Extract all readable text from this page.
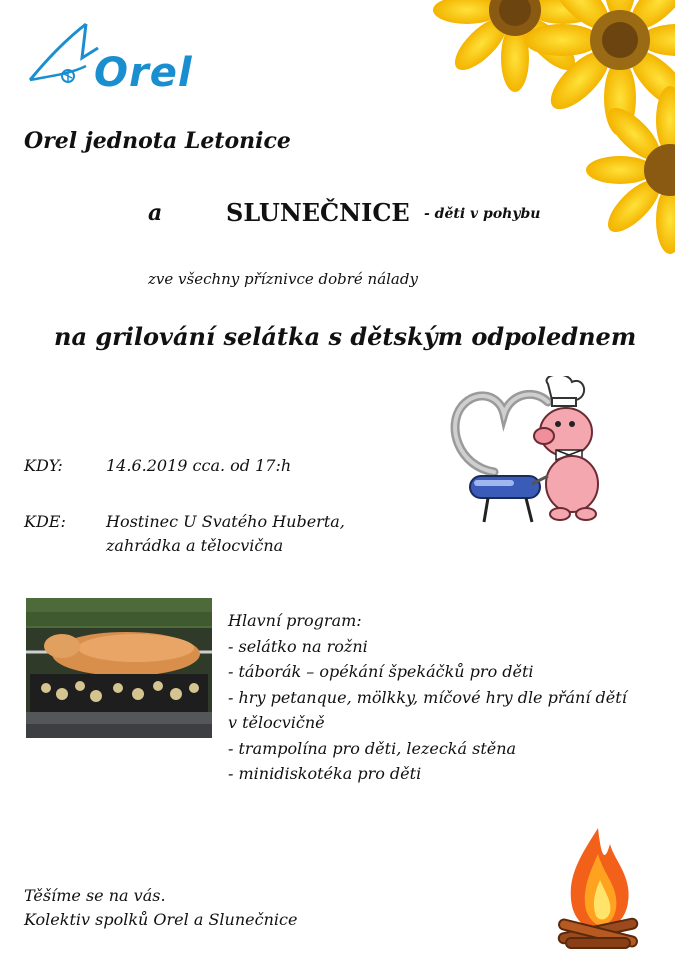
Orel
Orel jednota Letonice
a	SLUNEČNICE - děti v pohybu
zve všechny příznivce dobré nálady
na grilování selátka s dětským odpolednem
KDY:	14.6.2019 cca. od 17:h
KDE:	Hostinec U Svatého Huberta,
zahrádka a tělocvična
Hlavní program:
- selátko na rožni
- táborák – opékání špekáčků pro děti
- hry petanque, mölkky, míčové hry dle přání dětí
v tělocvičně
- trampolína pro děti, lezecká stěna
- minidiskotéka pro děti
Těšíme se na vás.
Kolektiv spolků Orel a Slunečnice
